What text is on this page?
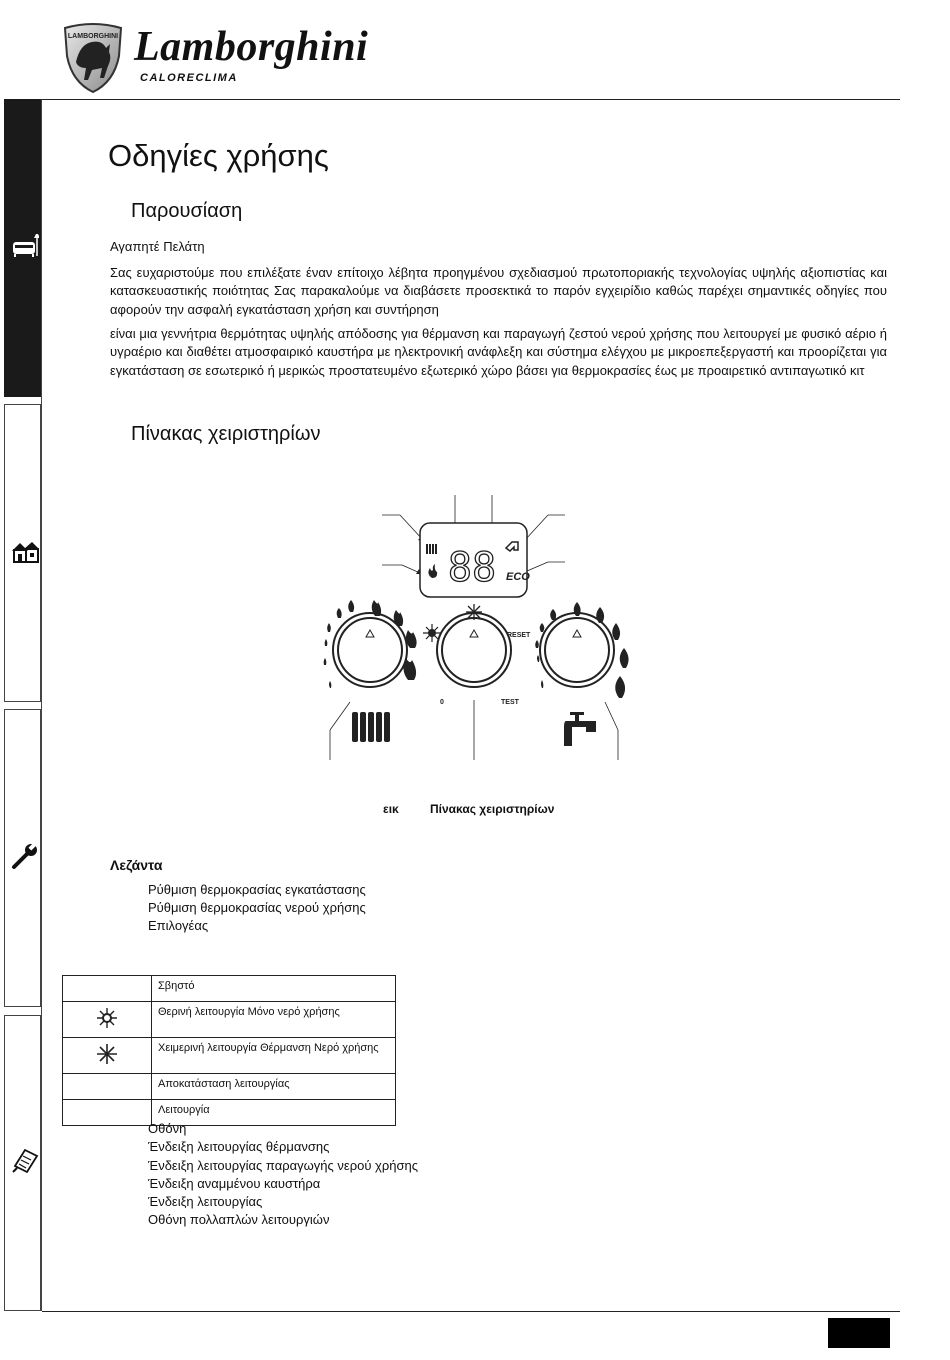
LAMBORGHINI Lamborghini
CALORECLIMA
Οδηγίες χρήσης
Παρουσίαση
Αγαπητέ Πελάτη
Σας ευχαριστούμε που επιλέξατε έναν επίτοιχο λέβητα προηγμένου σχεδιασμού πρωτοποριακής τεχνολογίας υψηλής αξιοπιστίας και κατασκευαστικής ποιότητας Σας παρακαλούμε να διαβάσετε προσεκτικά το παρόν εγχειρίδιο καθώς παρέχει σημαντικές οδηγίες που αφορούν την ασφαλή εγκατάσταση χρήση και συντήρηση
είναι μια γεννήτρια θερμότητας υψηλής απόδοσης για θέρμανση και παραγωγή ζεστού νερού χρήσης που λειτουργεί με φυσικό αέριο ή υγραέριο και διαθέτει ατμοσφαιρικό καυστήρα με ηλεκτρονική ανάφλεξη και σύστημα ελέγχου με μικροεπεξεργαστή και προορίζεται για εγκατάσταση σε εσωτερικό ή μερικώς προστατευμένο εξωτερικό χώρο βάσει για θερμοκρασίες έως με προαιρετικό αντιπαγωτικό κιτ
Πίνακας χειριστηρίων
88 ECO
RESET
0	TEST
εικ	Πίνακας χειριστηρίων
Λεζάντα
Ρύθμιση θερμοκρασίας εγκατάστασης
Ρύθμιση θερμοκρασίας νερού χρήσης
Επιλογέας
	Σβηστό
	Θερινή λειτουργία Μόνο νερό χρήσης
	Χειμερινή λειτουργία Θέρμανση Νερό χρήσης
	Αποκατάσταση λειτουργίας
	Λειτουργία
Οθόνη
Ένδειξη λειτουργίας θέρμανσης
Ένδειξη λειτουργίας παραγωγής νερού χρήσης
Ένδειξη αναμμένου καυστήρα
Ένδειξη λειτουργίας
Οθόνη πολλαπλών λειτουργιών
